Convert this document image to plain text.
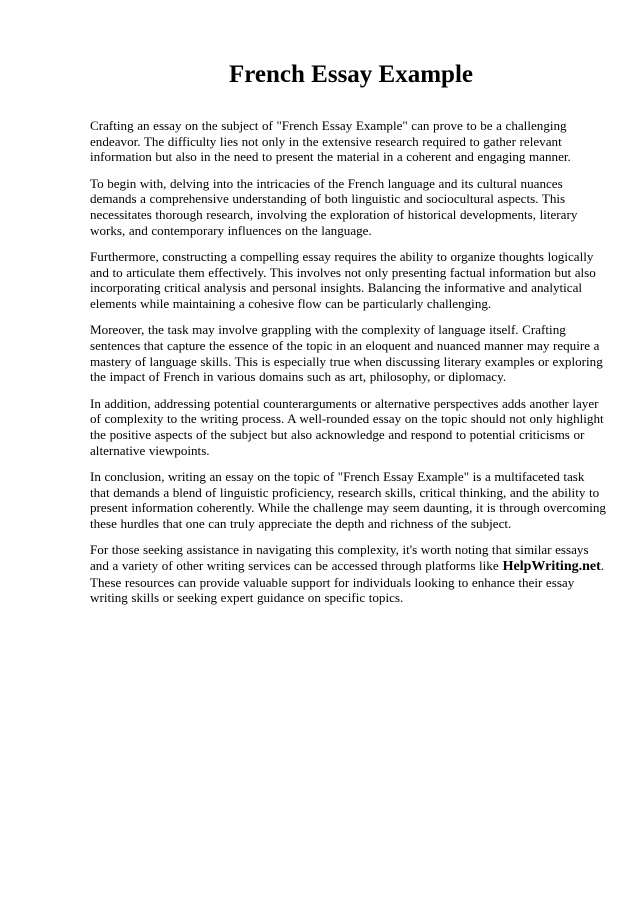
French Essay Example

Crafting an essay on the subject of "French Essay Example" can prove to be a challenging
endeavor. The difficulty lies not only in the extensive research required to gather relevant
information but also in the need to present the material in a coherent and engaging manner.

To begin with, delving into the intricacies of the French language and its cultural nuances
demands a comprehensive understanding of both linguistic and sociocultural aspects. This
necessitates thorough research, involving the exploration of historical developments, literary
works, and contemporary influences on the language.

Furthermore, constructing a compelling essay requires the ability to organize thoughts logically
and to articulate them effectively. This involves not only presenting factual information but also
incorporating critical analysis and personal insights. Balancing the informative and analytical
elements while maintaining a cohesive flow can be particularly challenging.

Moreover, the task may involve grappling with the complexity of language itself. Crafting
sentences that capture the essence of the topic in an eloquent and nuanced manner may require a
mastery of language skills. This is especially true when discussing literary examples or exploring
the impact of French in various domains such as art, philosophy, or diplomacy.

In addition, addressing potential counterarguments or alternative perspectives adds another layer
of complexity to the writing process. A well-rounded essay on the topic should not only highlight
the positive aspects of the subject but also acknowledge and respond to potential criticisms or
alternative viewpoints.

In conclusion, writing an essay on the topic of "French Essay Example" is a multifaceted task
that demands a blend of linguistic proficiency, research skills, critical thinking, and the ability to
present information coherently. While the challenge may seem daunting, it is through overcoming
these hurdles that one can truly appreciate the depth and richness of the subject.

For those seeking assistance in navigating this complexity, it's worth noting that similar essays
and a variety of other writing services can be accessed through platforms like HelpWriting.net.
These resources can provide valuable support for individuals looking to enhance their essay
writing skills or seeking expert guidance on specific topics.
